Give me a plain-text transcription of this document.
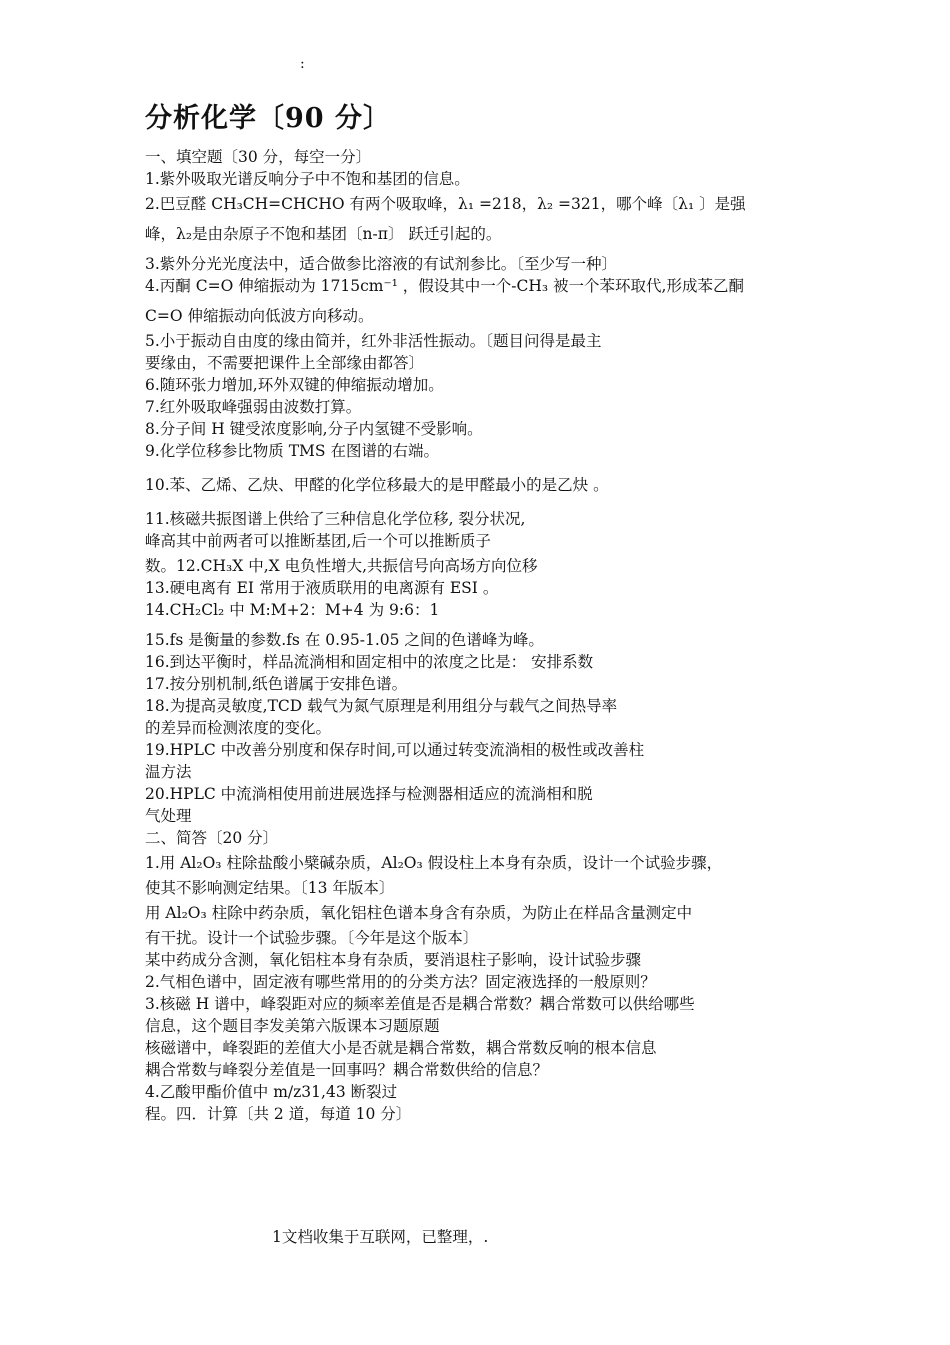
:
分析化学〔90 分〕
一、填空题〔30 分，每空一分〕
1.紫外吸取光谱反响分子中不饱和基团的信息。
2.巴豆醛 CH₃CH=CHCHO 有两个吸取峰，λ₁ =218，λ₂ =321，哪个峰〔λ₁ 〕是强
峰，λ₂是由杂原子不饱和基团〔n-π〕 跃迁引起的。
3.紫外分光光度法中，适合做参比溶液的有试剂参比。〔至少写一种〕
4.丙酮 C=O 伸缩振动为 1715cm⁻¹ ，假设其中一个-CH₃ 被一个苯环取代,形成苯乙酮
C=O 伸缩振动向低波方向移动。
5.小于振动自由度的缘由简并，红外非活性振动。〔题目问得是最主
要缘由，不需要把课件上全部缘由都答〕
6.随环张力增加,环外双键的伸缩振动增加。
7.红外吸取峰强弱由波数打算。
8.分子间 H 键受浓度影响,分子内氢键不受影响。
9.化学位移参比物质 TMS 在图谱的右端。
10.苯、乙烯、乙炔、甲醛的化学位移最大的是甲醛最小的是乙炔 。
11.核磁共振图谱上供给了三种信息化学位移, 裂分状况,
峰高其中前两者可以推断基团,后一个可以推断质子
数。12.CH₃X 中,X 电负性增大,共振信号向高场方向位移
13.硬电离有 EI 常用于液质联用的电离源有 ESI 。
14.CH₂Cl₂ 中 M:M+2：M+4 为 9:6：1
15.fs 是衡量的参数.fs 在 0.95-1.05 之间的色谱峰为峰。
16.到达平衡时，样品流淌相和固定相中的浓度之比是： 安排系数
17.按分别机制,纸色谱属于安排色谱。
18.为提高灵敏度,TCD 载气为氮气原理是利用组分与载气之间热导率
的差异而检测浓度的变化。
19.HPLC 中改善分别度和保存时间,可以通过转变流淌相的极性或改善柱
温方法
20.HPLC 中流淌相使用前进展选择与检测器相适应的流淌相和脱
气处理
二、简答〔20 分〕
1.用 Al₂O₃ 柱除盐酸小檗碱杂质，Al₂O₃ 假设柱上本身有杂质，设计一个试验步骤，
使其不影响测定结果。〔13 年版本〕
用 Al₂O₃ 柱除中药杂质，氧化铝柱色谱本身含有杂质，为防止在样品含量测定中
有干扰。设计一个试验步骤。〔今年是这个版本〕
某中药成分含测，氧化铝柱本身有杂质，要消退柱子影响，设计试验步骤
2.气相色谱中，固定液有哪些常用的的分类方法？固定液选择的一般原则？
3.核磁 H 谱中，峰裂距对应的频率差值是否是耦合常数？耦合常数可以供给哪些
信息，这个题目李发美第六版课本习题原题
核磁谱中，峰裂距的差值大小是否就是耦合常数，耦合常数反响的根本信息
耦合常数与峰裂分差值是一回事吗？耦合常数供给的信息？
4.乙酸甲酯价值中 m/z31,43 断裂过
程。四．计算〔共 2 道，每道 10 分〕
1文档收集于互联网，已整理，.
